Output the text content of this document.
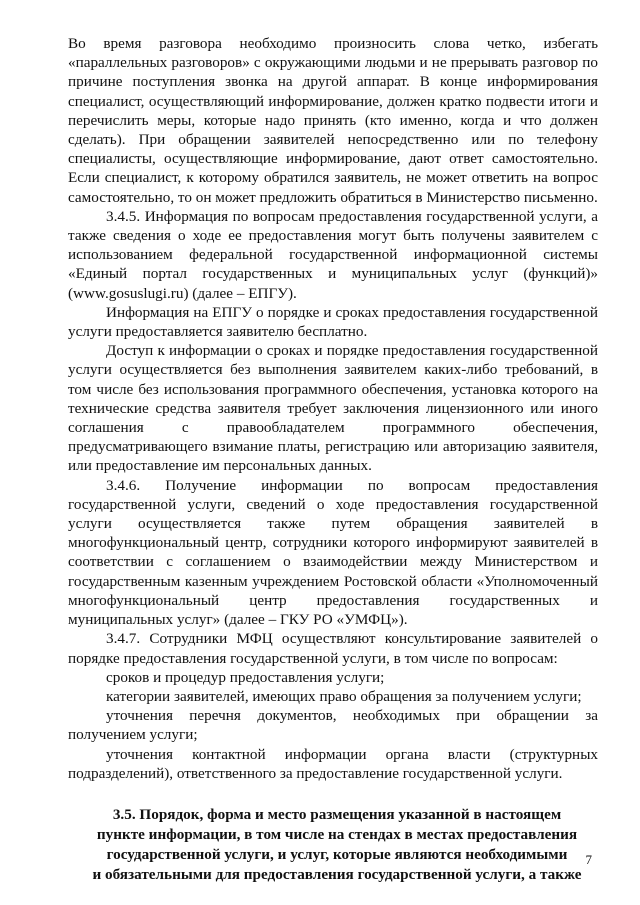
Во время разговора необходимо произносить слова четко, избегать «параллельных разговоров» с окружающими людьми и не прерывать разговор по причине поступления звонка на другой аппарат. В конце информирования специалист, осуществляющий информирование, должен кратко подвести итоги и перечислить меры, которые надо принять (кто именно, когда и что должен сделать). При обращении заявителей непосредственно или по телефону специалисты, осуществляющие информирование, дают ответ самостоятельно. Если специалист, к которому обратился заявитель, не может ответить на вопрос самостоятельно, то он может предложить обратиться в Министерство письменно.

3.4.5. Информация по вопросам предоставления государственной услуги, а также сведения о ходе ее предоставления могут быть получены заявителем с использованием федеральной государственной информационной системы «Единый портал государственных и муниципальных услуг (функций)» (www.gosuslugi.ru) (далее – ЕПГУ).

Информация на ЕПГУ о порядке и сроках предоставления государственной услуги предоставляется заявителю бесплатно.

Доступ к информации о сроках и порядке предоставления государственной услуги осуществляется без выполнения заявителем каких-либо требований, в том числе без использования программного обеспечения, установка которого на технические средства заявителя требует заключения лицензионного или иного соглашения с правообладателем программного обеспечения, предусматривающего взимание платы, регистрацию или авторизацию заявителя, или предоставление им персональных данных.

3.4.6. Получение информации по вопросам предоставления государственной услуги, сведений о ходе предоставления государственной услуги осуществляется также путем обращения заявителей в многофункциональный центр, сотрудники которого информируют заявителей в соответствии с соглашением о взаимодействии между Министерством и государственным казенным учреждением Ростовской области «Уполномоченный многофункциональный центр предоставления государственных и муниципальных услуг» (далее – ГКУ РО «УМФЦ»).

3.4.7. Сотрудники МФЦ осуществляют консультирование заявителей о порядке предоставления государственной услуги, в том числе по вопросам:

сроков и процедур предоставления услуги;

категории заявителей, имеющих право обращения за получением услуги;

уточнения перечня документов, необходимых при обращении за получением услуги;

уточнения контактной информации органа власти (структурных подразделений), ответственного за предоставление государственной услуги.

3.5. Порядок, форма и место размещения указанной в настоящем
пункте информации, в том числе на стендах в местах предоставления
государственной услуги, и услуг, которые являются необходимыми
и обязательными для предоставления государственной услуги, а также
7
